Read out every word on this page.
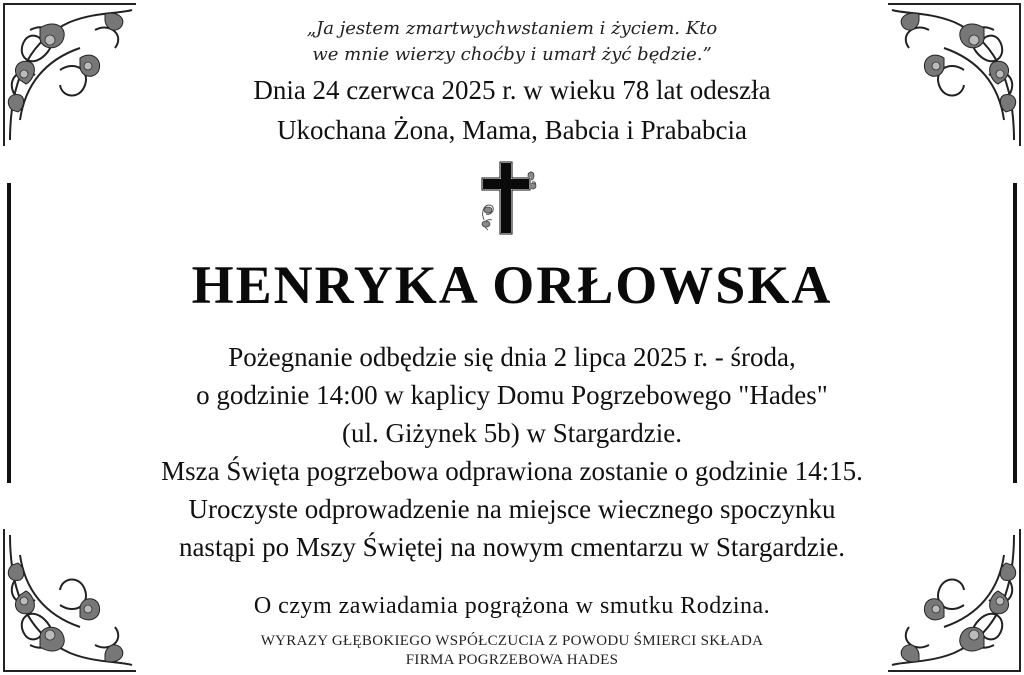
„Ja jestem zmartwychwstaniem i życiem. Kto
we mnie wierzy choćby i umarł żyć będzie.”
Dnia 24 czerwca 2025 r. w wieku 78 lat odeszła
Ukochana Żona, Mama, Babcia i Prababcia
HENRYKA ORŁOWSKA
Pożegnanie odbędzie się dnia 2 lipca 2025 r. - środa,
o godzinie 14:00 w kaplicy Domu Pogrzebowego "Hades"
(ul. Giżynek 5b) w Stargardzie.
Msza Święta pogrzebowa odprawiona zostanie o godzinie 14:15.
Uroczyste odprowadzenie na miejsce wiecznego spoczynku
nastąpi po Mszy Świętej na nowym cmentarzu w Stargardzie.
O czym zawiadamia pogrążona w smutku Rodzina.
WYRAZY GŁĘBOKIEGO WSPÓŁCZUCIA Z POWODU ŚMIERCI SKŁADA
FIRMA POGRZEBOWA HADES
